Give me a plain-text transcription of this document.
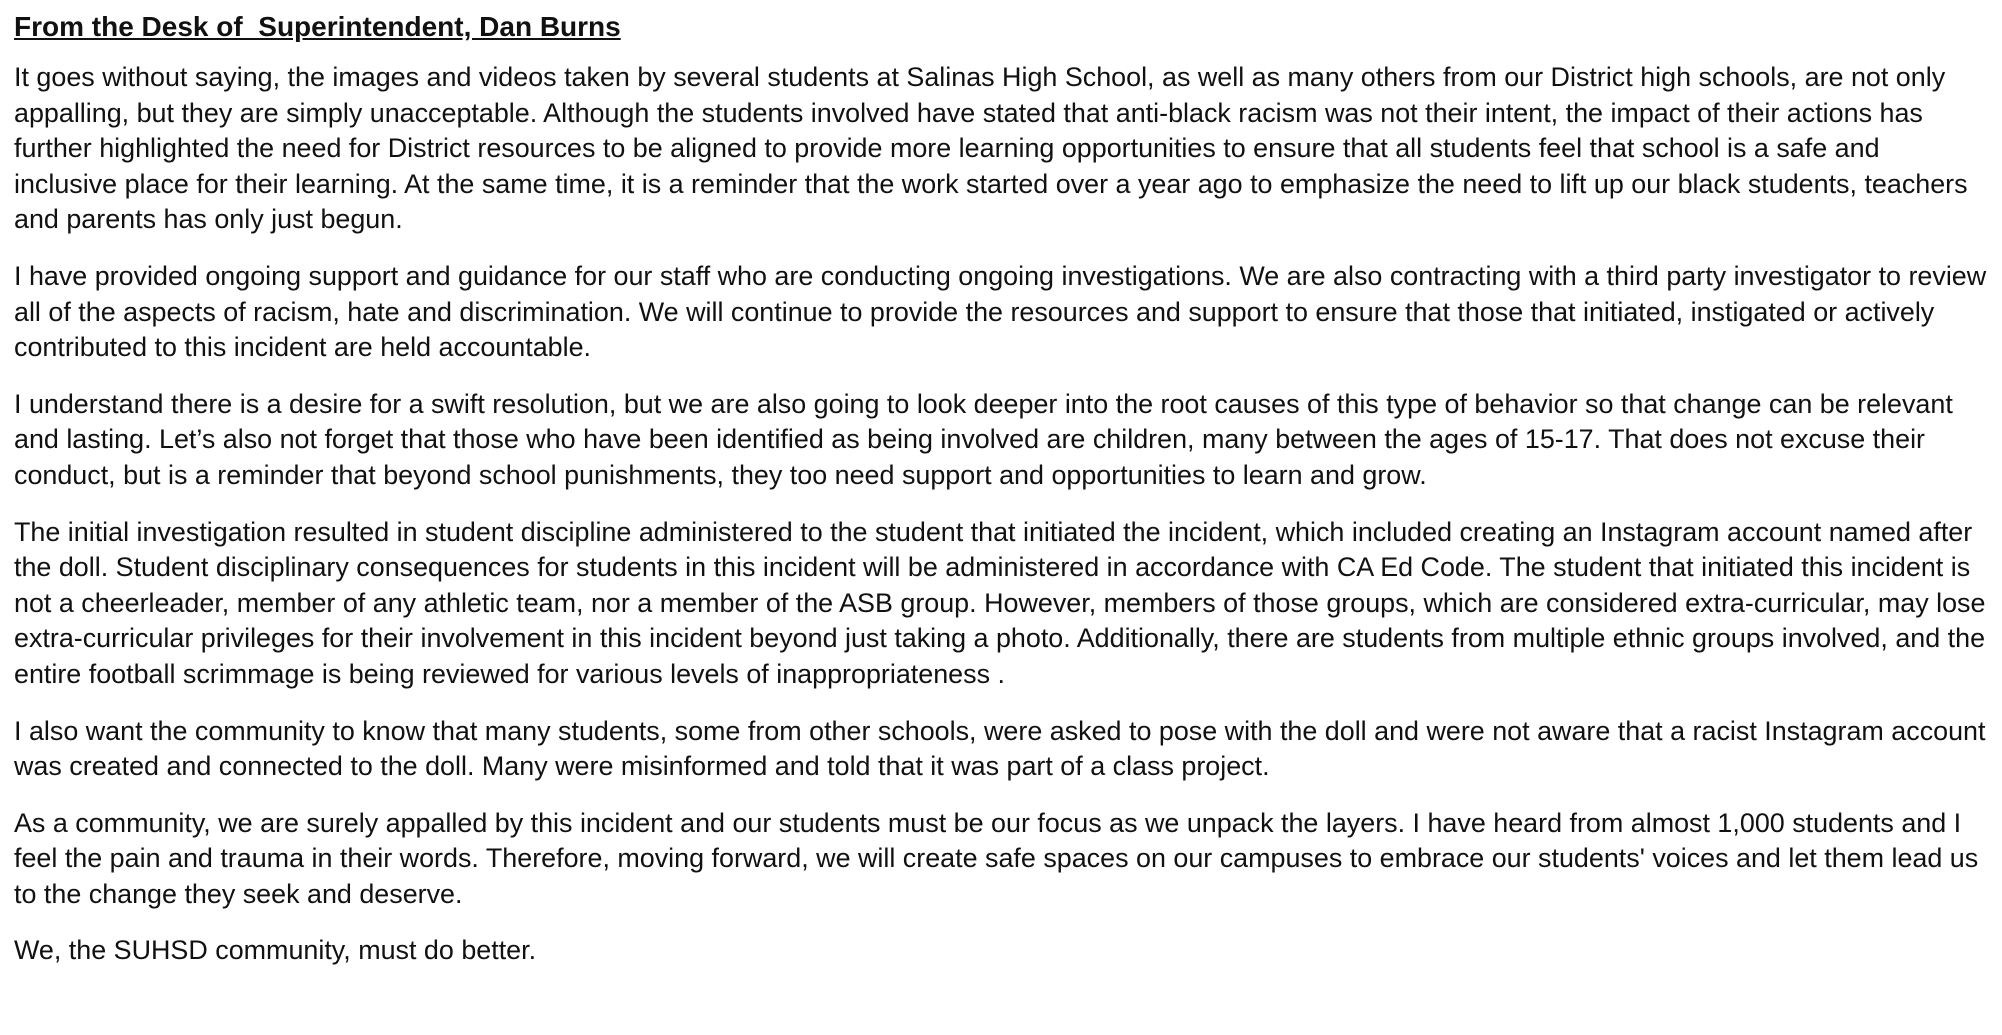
From the Desk of  Superintendent, Dan Burns

It goes without saying, the images and videos taken by several students at Salinas High School, as well as many others from our District high schools, are not only appalling, but they are simply unacceptable. Although the students involved have stated that anti-black racism was not their intent, the impact of their actions has further highlighted the need for District resources to be aligned to provide more learning opportunities to ensure that all students feel that school is a safe and inclusive place for their learning. At the same time, it is a reminder that the work started over a year ago to emphasize the need to lift up our black students, teachers and parents has only just begun.

I have provided ongoing support and guidance for our staff who are conducting ongoing investigations. We are also contracting with a third party investigator to review all of the aspects of racism, hate and discrimination. We will continue to provide the resources and support to ensure that those that initiated, instigated or actively contributed to this incident are held accountable.

I understand there is a desire for a swift resolution, but we are also going to look deeper into the root causes of this type of behavior so that change can be relevant and lasting. Let’s also not forget that those who have been identified as being involved are children, many between the ages of 15-17. That does not excuse their conduct, but is a reminder that beyond school punishments, they too need support and opportunities to learn and grow.

The initial investigation resulted in student discipline administered to the student that initiated the incident, which included creating an Instagram account named after the doll. Student disciplinary consequences for students in this incident will be administered in accordance with CA Ed Code. The student that initiated this incident is not a cheerleader, member of any athletic team, nor a member of the ASB group. However, members of those groups, which are considered extra-curricular, may lose extra-curricular privileges for their involvement in this incident beyond just taking a photo. Additionally, there are students from multiple ethnic groups involved, and the entire football scrimmage is being reviewed for various levels of inappropriateness .

I also want the community to know that many students, some from other schools, were asked to pose with the doll and were not aware that a racist Instagram account was created and connected to the doll. Many were misinformed and told that it was part of a class project.

As a community, we are surely appalled by this incident and our students must be our focus as we unpack the layers. I have heard from almost 1,000 students and I feel the pain and trauma in their words. Therefore, moving forward, we will create safe spaces on our campuses to embrace our students' voices and let them lead us to the change they seek and deserve.

We, the SUHSD community, must do better.
